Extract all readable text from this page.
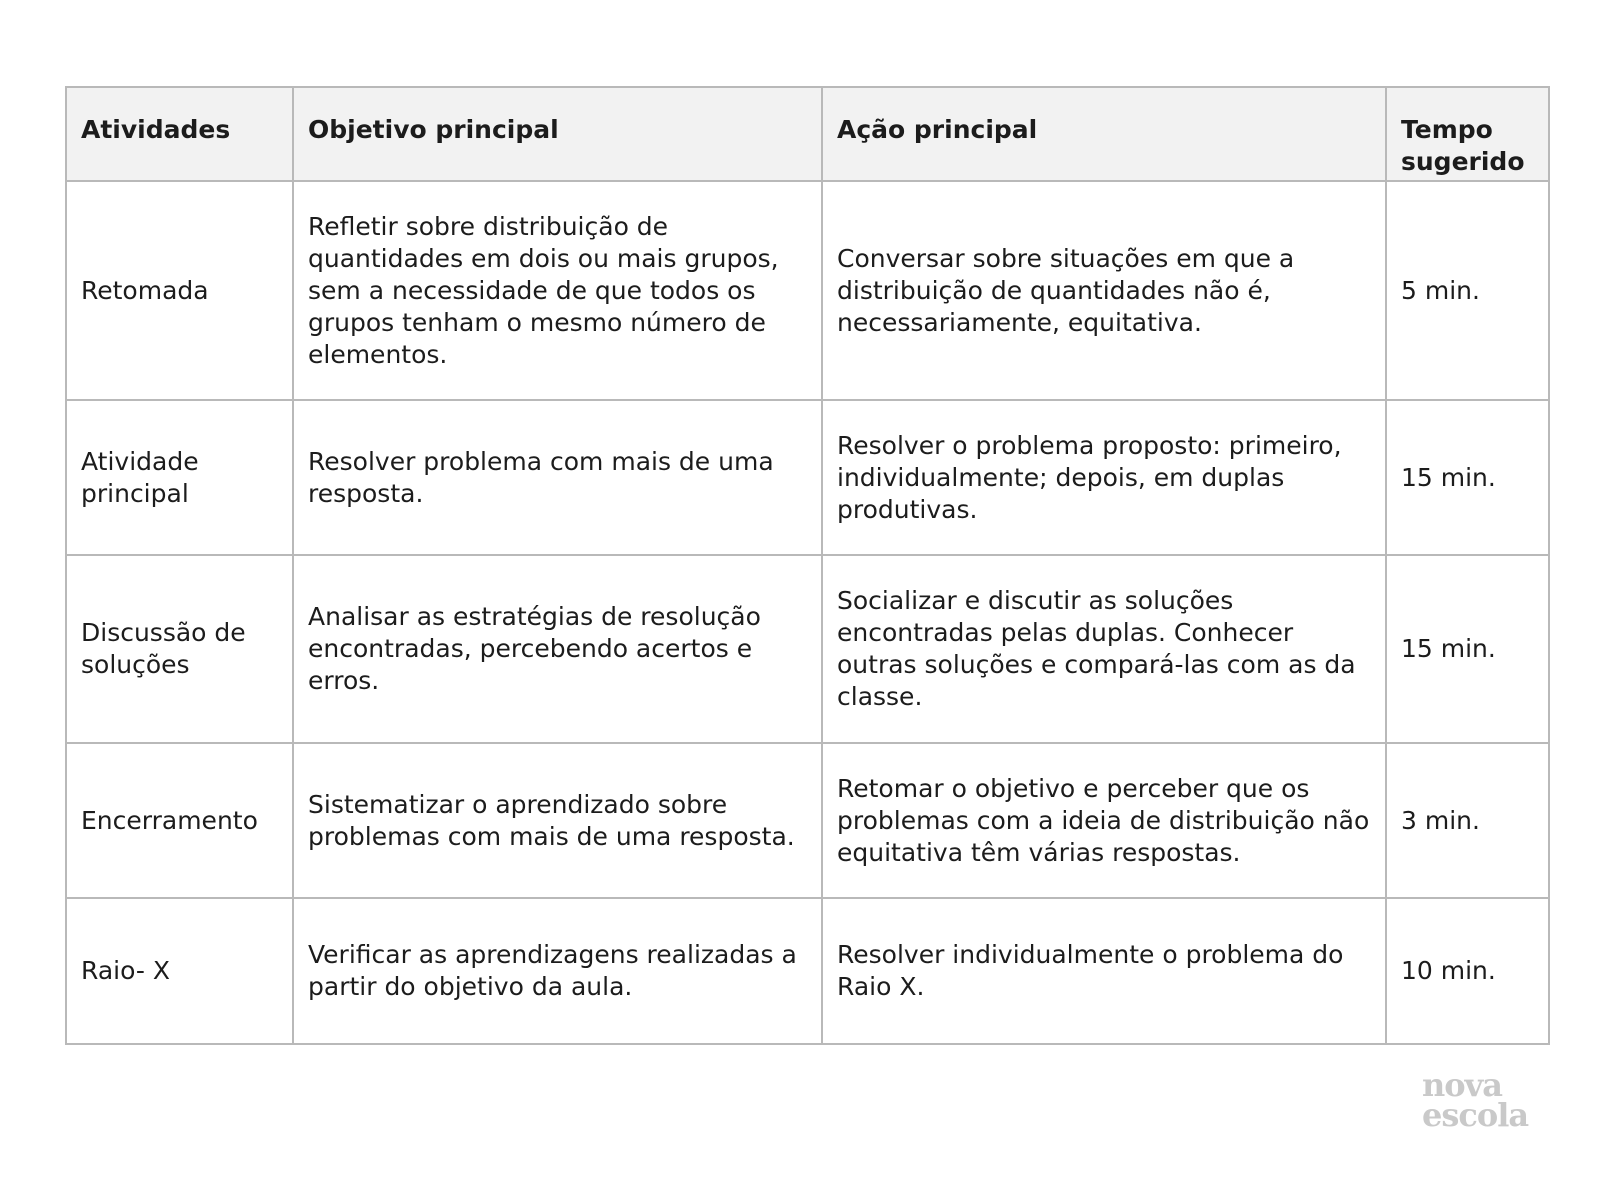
Atividades	Objetivo principal	Ação principal	Tempo sugerido
Retomada	Refletir sobre distribuição de quantidades em dois ou mais grupos, sem a necessidade de que todos os grupos tenham o mesmo número de elementos.	Conversar sobre situações em que a distribuição de quantidades não é, necessariamente, equitativa.	5 min.
Atividade principal	Resolver problema com mais de uma resposta.	Resolver o problema proposto: primeiro, individualmente; depois, em duplas produtivas.	15 min.
Discussão de soluções	Analisar as estratégias de resolução encontradas, percebendo acertos e erros.	Socializar e discutir as soluções encontradas pelas duplas. Conhecer outras soluções e compará-las com as da classe.	15 min.
Encerramento	Sistematizar o aprendizado sobre problemas com mais de uma resposta.	Retomar o objetivo e perceber que os problemas com a ideia de distribuição não equitativa têm várias respostas.	3 min.
Raio- X	Verificar as aprendizagens realizadas a partir do objetivo da aula.	Resolver individualmente o problema do Raio X.	10 min.
nova
escola
